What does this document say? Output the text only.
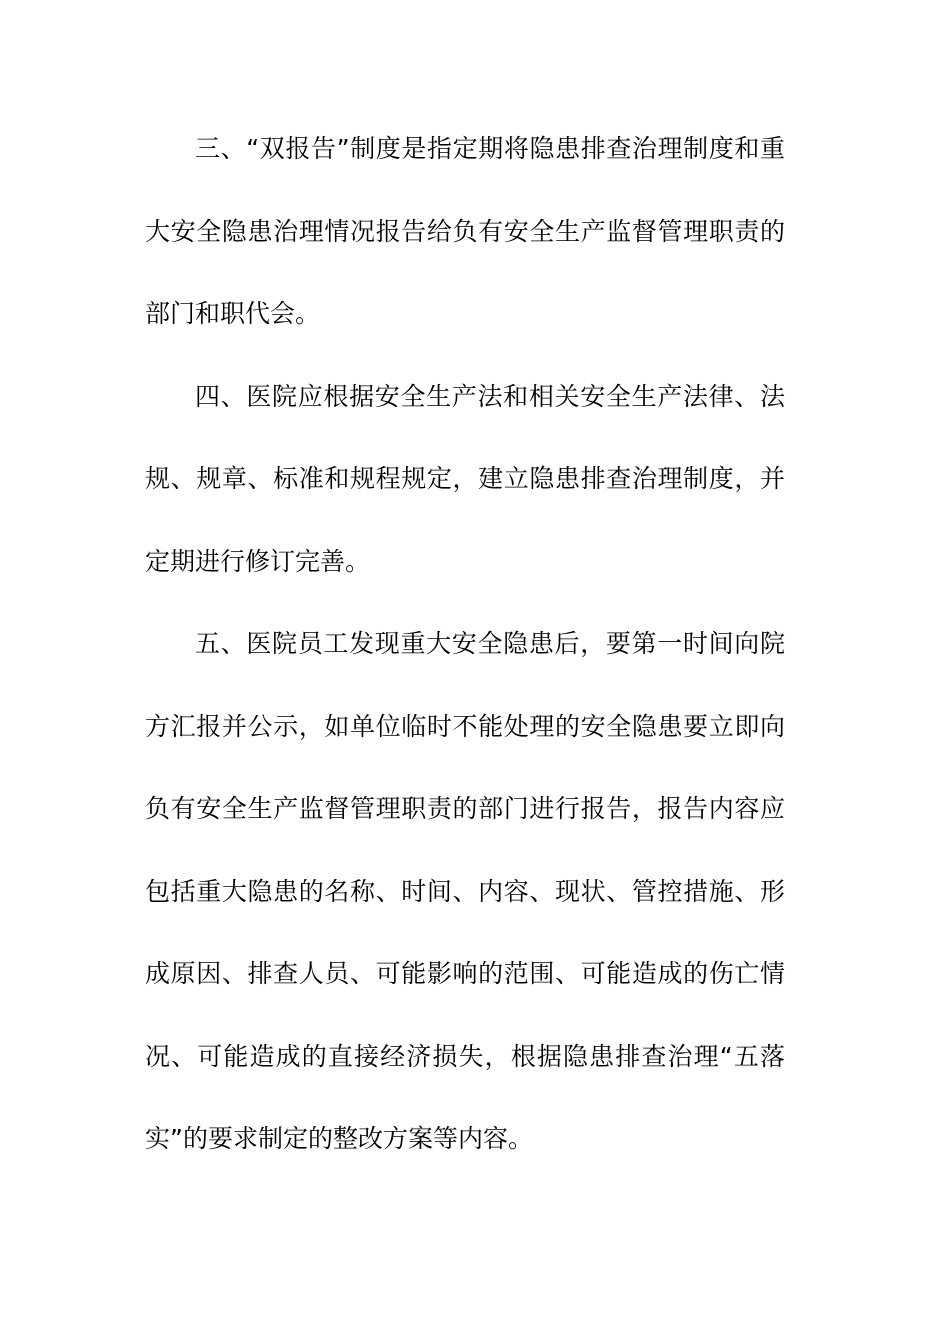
三、“双报告”制度是指定期将隐患排查治理制度和重大安全隐患治理情况报告给负有安全生产监督管理职责的部门和职代会。

四、医院应根据安全生产法和相关安全生产法律、法规、规章、标准和规程规定，建立隐患排查治理制度，并定期进行修订完善。

五、医院员工发现重大安全隐患后，要第一时间向院方汇报并公示，如单位临时不能处理的安全隐患要立即向负有安全生产监督管理职责的部门进行报告，报告内容应包括重大隐患的名称、时间、内容、现状、管控措施、形成原因、排查人员、可能影响的范围、可能造成的伤亡情况、可能造成的直接经济损失，根据隐患排查治理“五落实”的要求制定的整改方案等内容。
